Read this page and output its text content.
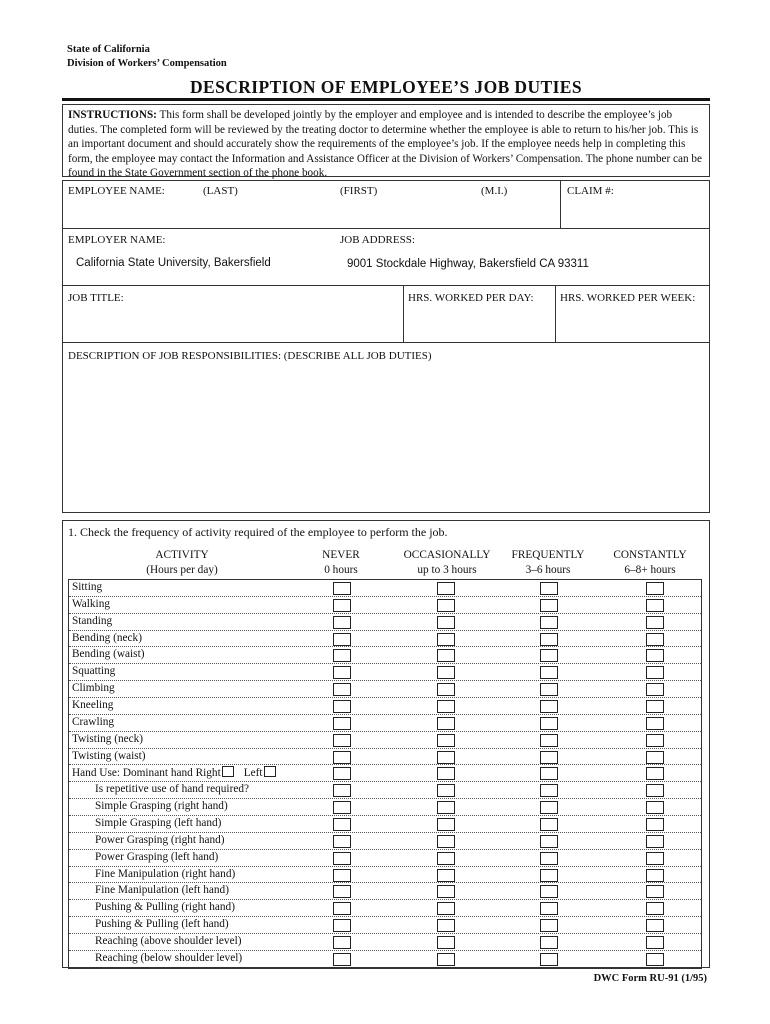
State of California
Division of Workers’ Compensation
DESCRIPTION OF EMPLOYEE’S JOB DUTIES
INSTRUCTIONS: This form shall be developed jointly by the employer and employee and is intended to describe the employee’s job duties. The completed form will be reviewed by the treating doctor to determine whether the employee is able to return to his/her job. This is an important document and should accurately show the requirements of the employee’s job. If the employee needs help in completing this form, the employee may contact the Information and Assistance Officer at the Division of Workers’ Compensation. The phone number can be found in the State Government section of the phone book.
EMPLOYEE NAME:	(LAST)	(FIRST)	(M.I.)	CLAIM #:
EMPLOYER NAME:
California State University, Bakersfield
JOB ADDRESS:
9001 Stockdale Highway, Bakersfield CA 93311
JOB TITLE:	HRS. WORKED PER DAY: HRS. WORKED PER WEEK:
DESCRIPTION OF JOB RESPONSIBILITIES: (DESCRIBE ALL JOB DUTIES)
1. Check the frequency of activity required of the employee to perform the job.
ACTIVITY
(Hours per day)
NEVER
0 hours
OCCASIONALLY
up to 3 hours
FREQUENTLY
3–6 hours
CONSTANTLY
6–8+ hours
Sitting
Walking
Standing
Bending (neck)
Bending (waist)
Squatting
Climbing
Kneeling
Crawling
Twisting (neck)
Twisting (waist)
Hand Use: Dominant hand Right Left
Is repetitive use of hand required?
Simple Grasping (right hand)
Simple Grasping (left hand)
Power Grasping (right hand)
Power Grasping (left hand)
Fine Manipulation (right hand)
Fine Manipulation (left hand)
Pushing & Pulling (right hand)
Pushing & Pulling (left hand)
Reaching (above shoulder level)
Reaching (below shoulder level)
DWC Form RU-91 (1/95)
